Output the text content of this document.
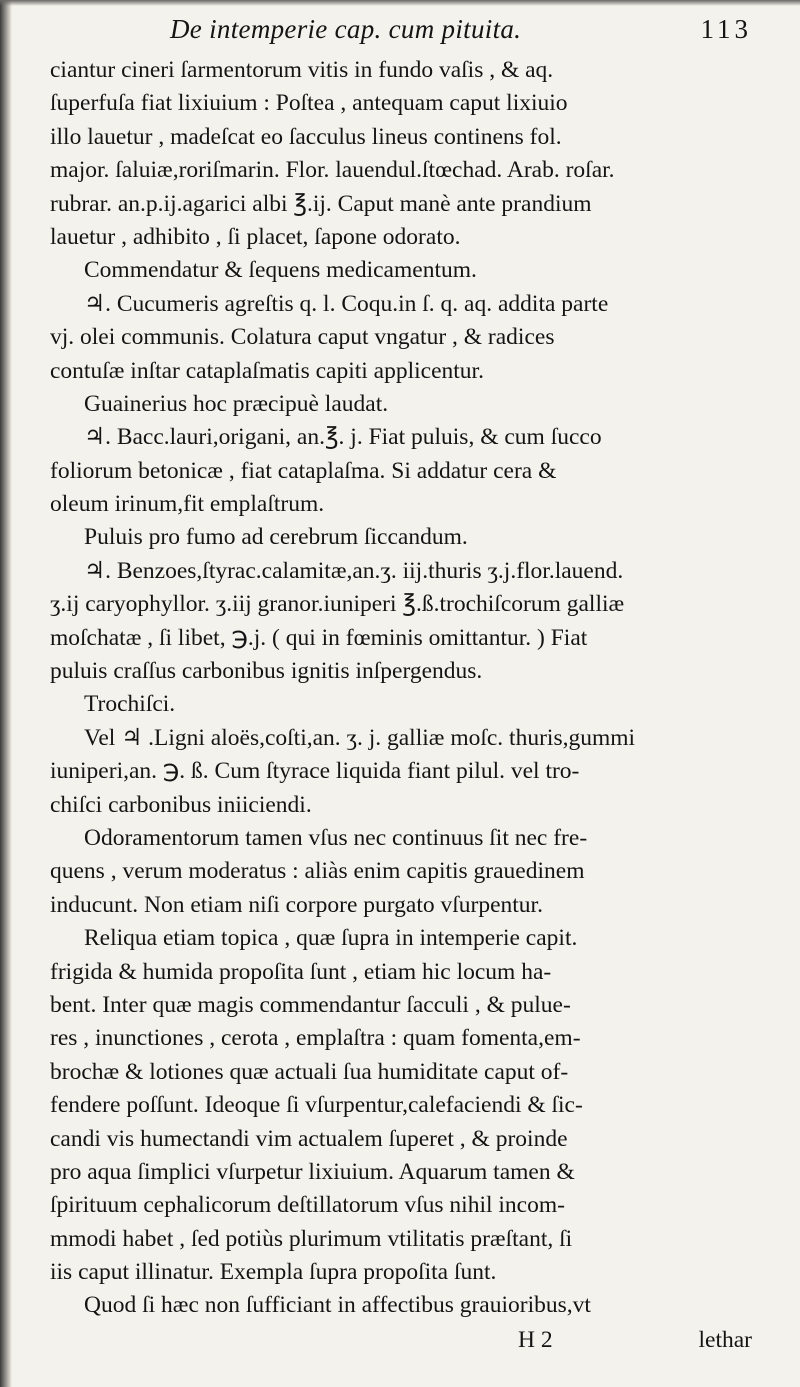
De intemperie cap. cum pituita.	113
ciantur cineri ſarmentorum vitis in fundo vaſis , & aq.
ſuperfuſa fiat lixiuium : Poſtea , antequam caput lixiuio
illo lauetur , madeſcat eo ſacculus lineus continens fol.
major. ſaluiæ,roriſmarin. Flor. lauendul.ſtœchad. Arab. roſar.
rubrar. an.p.ij.agarici albi ℥.ij. Caput manè ante prandium
lauetur , adhibito , ſi placet, ſapone odorato.
Commendatur & ſequens medicamentum.
♃. Cucumeris agreſtis q. l. Coqu.in ſ. q. aq. addita parte
vj. olei communis. Colatura caput vngatur , & radices
contuſæ inſtar cataplaſmatis capiti applicentur.
Guainerius hoc præcipuè laudat.
♃. Bacc.lauri,origani, an.℥. j. Fiat puluis, & cum ſucco
foliorum betonicæ , fiat cataplaſma. Si addatur cera &
oleum irinum,fit emplaſtrum.
Puluis pro fumo ad cerebrum ſiccandum.
♃. Benzoes,ſtyrac.calamitæ,an.ʒ. iij.thuris ʒ.j.flor.lauend.
ʒ.ij caryophyllor. ʒ.iij granor.iuniperi ℥.ß.trochiſcorum galliæ
moſchatæ , ſi libet, ℈.j. ( qui in fœminis omittantur. ) Fiat
puluis craſſus carbonibus ignitis inſpergendus.
Trochiſci.
Vel ♃ .Ligni aloës,coſti,an. ʒ. j. galliæ moſc. thuris,gummi
iuniperi,an. ℈. ß. Cum ſtyrace liquida fiant pilul. vel tro-
chiſci carbonibus iniiciendi.
Odoramentorum tamen vſus nec continuus ſit nec fre-
quens , verum moderatus : aliàs enim capitis grauedinem
inducunt. Non etiam niſi corpore purgato vſurpentur.
Reliqua etiam topica , quæ ſupra in intemperie capit.
frigida & humida propoſita ſunt , etiam hic locum ha-
bent. Inter quæ magis commendantur ſacculi , & pulue-
res , inunctiones , cerota , emplaſtra : quam fomenta,em-
brochæ & lotiones quæ actuali ſua humiditate caput of-
fendere poſſunt. Ideoque ſi vſurpentur,calefaciendi & ſic-
candi vis humectandi vim actualem ſuperet , & proinde
pro aqua ſimplici vſurpetur lixiuium. Aquarum tamen &
ſpirituum cephalicorum deſtillatorum vſus nihil incom-
mmodi habet , ſed potiùs plurimum vtilitatis præſtant, ſi
iis caput illinatur. Exempla ſupra propoſita ſunt.
Quod ſi hæc non ſufficiant in affectibus grauioribus,vt
H 2	lethar
